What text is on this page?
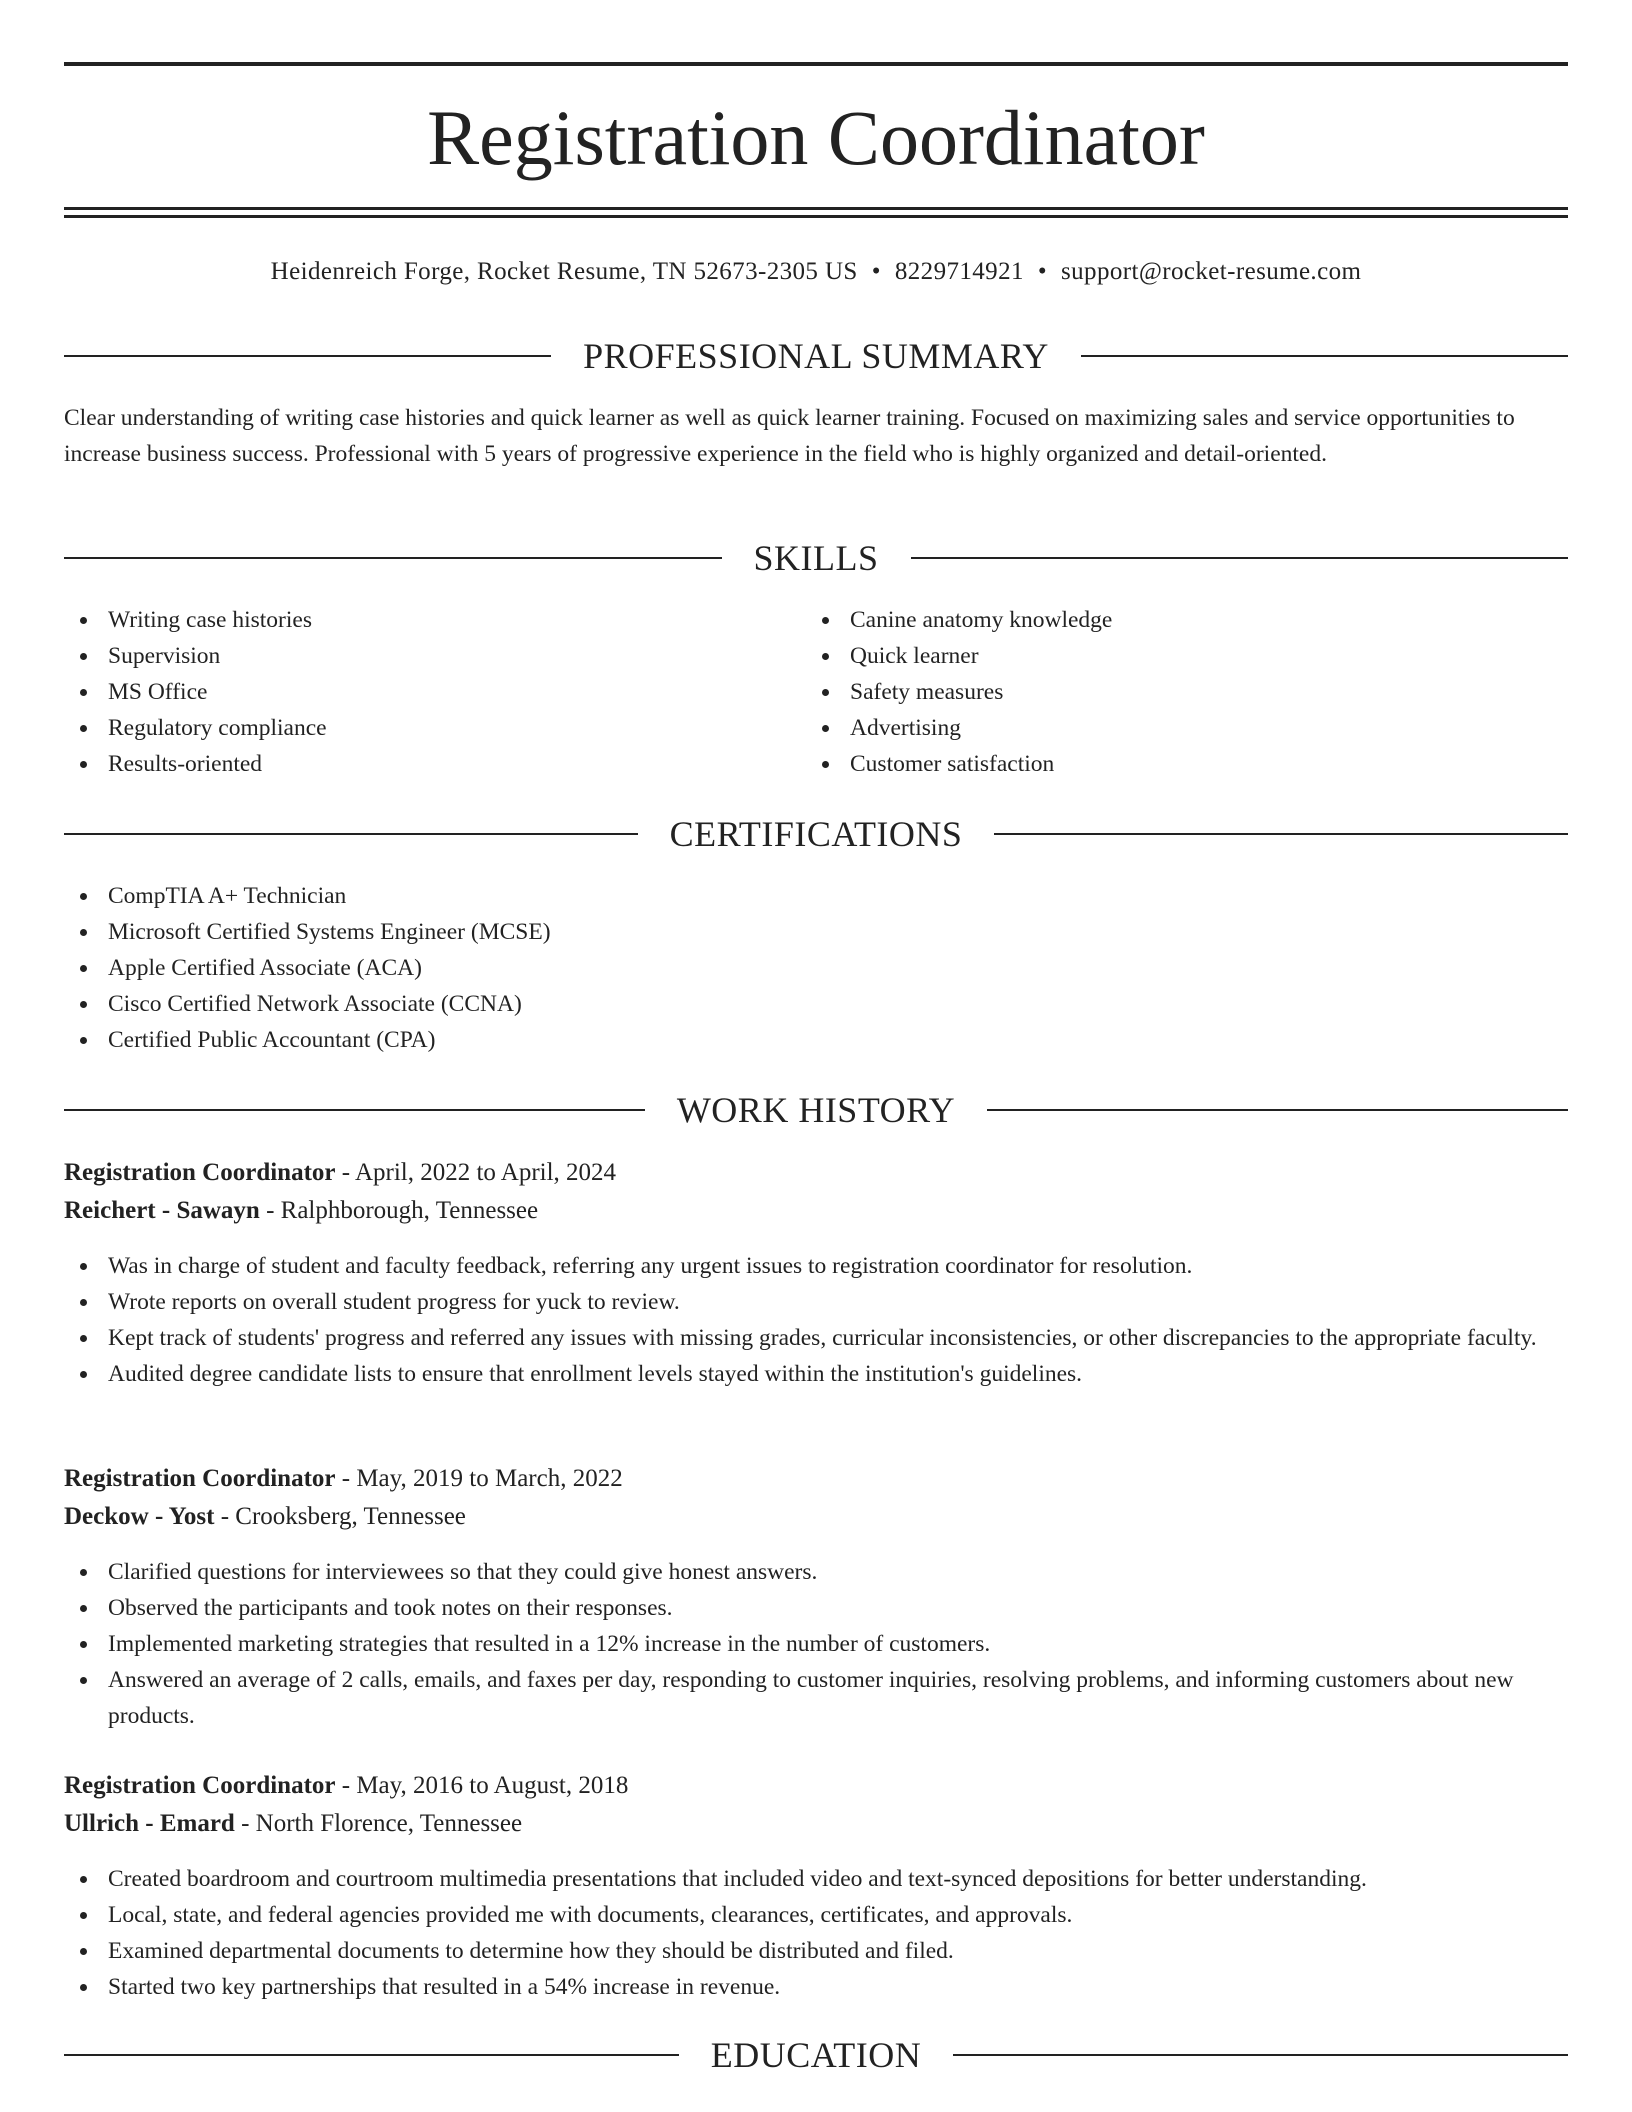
Registration Coordinator
Heidenreich Forge, Rocket Resume, TN 52673-2305 US • 8229714921 • support@rocket-resume.com
PROFESSIONAL SUMMARY

Clear understanding of writing case histories and quick learner as well as quick learner training. Focused on maximizing sales and service opportunities to increase business success. Professional with 5 years of progressive experience in the field who is highly organized and detail-oriented.

SKILLS
Writing case histories
Supervision
MS Office
Regulatory compliance
Results-oriented
Canine anatomy knowledge
Quick learner
Safety measures
Advertising
Customer satisfaction
CERTIFICATIONS
CompTIA A+ Technician
Microsoft Certified Systems Engineer (MCSE)
Apple Certified Associate (ACA)
Cisco Certified Network Associate (CCNA)
Certified Public Accountant (CPA)
WORK HISTORY
Registration Coordinator - April, 2022 to April, 2024
Reichert - Sawayn - Ralphborough, Tennessee
Was in charge of student and faculty feedback, referring any urgent issues to registration coordinator for resolution.
Wrote reports on overall student progress for yuck to review.
Kept track of students' progress and referred any issues with missing grades, curricular inconsistencies, or other discrepancies to the appropriate faculty.
Audited degree candidate lists to ensure that enrollment levels stayed within the institution's guidelines.
Registration Coordinator - May, 2019 to March, 2022
Deckow - Yost - Crooksberg, Tennessee
Clarified questions for interviewees so that they could give honest answers.
Observed the participants and took notes on their responses.
Implemented marketing strategies that resulted in a 12% increase in the number of customers.
Answered an average of 2 calls, emails, and faxes per day, responding to customer inquiries, resolving problems, and informing customers about new products.
Registration Coordinator - May, 2016 to August, 2018
Ullrich - Emard - North Florence, Tennessee
Created boardroom and courtroom multimedia presentations that included video and text-synced depositions for better understanding.
Local, state, and federal agencies provided me with documents, clearances, certificates, and approvals.
Examined departmental documents to determine how they should be distributed and filed.
Started two key partnerships that resulted in a 54% increase in revenue.
EDUCATION
